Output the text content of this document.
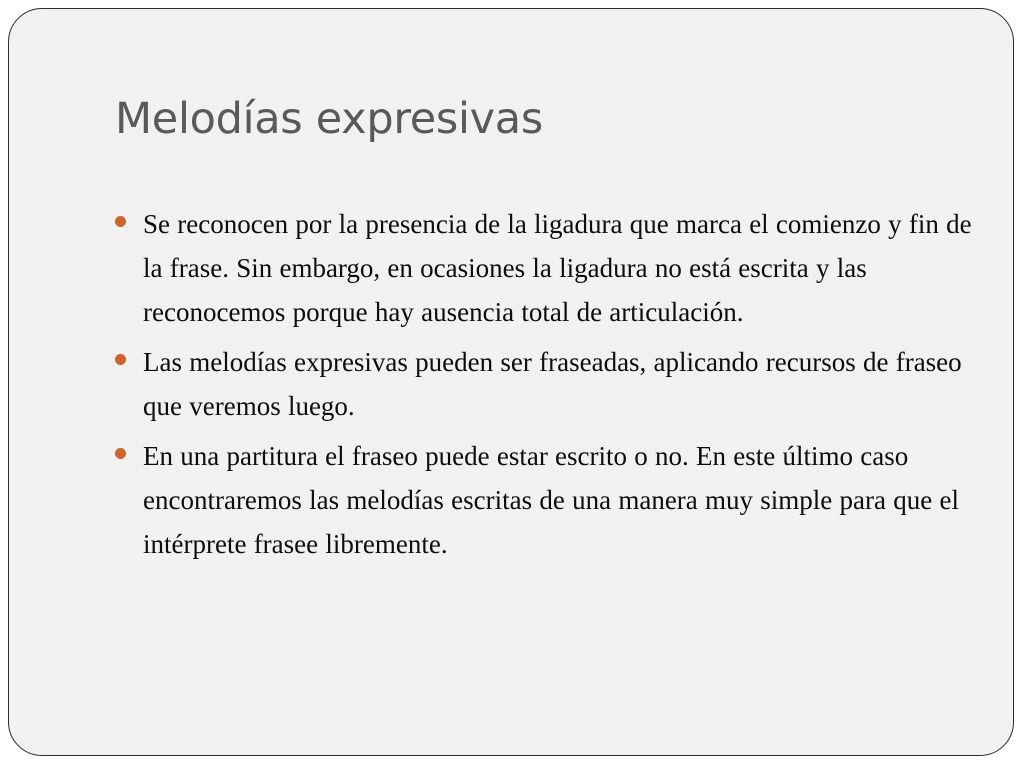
Melodías expresivas
Se reconocen por la presencia de la ligadura que marca el comienzo y fin de la frase. Sin embargo, en ocasiones la ligadura no está escrita y las reconocemos porque hay ausencia total de articulación.
Las melodías expresivas pueden ser fraseadas, aplicando recursos de fraseo que veremos luego.
En una partitura el fraseo puede estar escrito o no. En este último caso encontraremos las melodías escritas de una manera muy simple para que el intérprete frasee libremente.
